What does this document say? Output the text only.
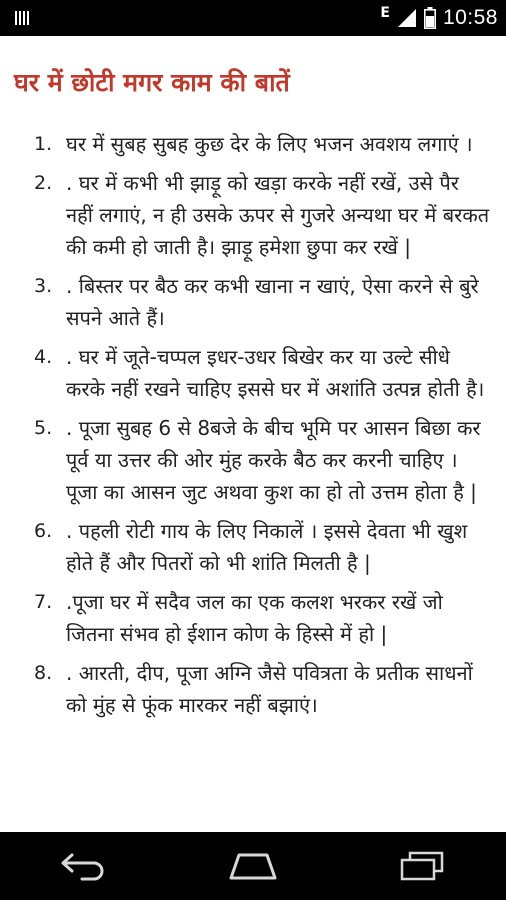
E	10:58
घर में छोटी मगर काम की बातें
1. घर में सुबह सुबह कुछ देर के लिए भजन अवशय लगाएं ।
2. . घर में कभी भी झाड़ू को खड़ा करके नहीं रखें, उसे पैर नहीं लगाएं, न ही उसके ऊपर से गुजरे अन्यथा घर में बरकत की कमी हो जाती है। झाड़ू हमेशा छुपा कर रखें |
3. . बिस्तर पर बैठ कर कभी खाना न खाएं, ऐसा करने से बुरे सपने आते हैं।
4. . घर में जूते-चप्पल इधर-उधर बिखेर कर या उल्टे सीधे करके नहीं रखने चाहिए इससे घर में अशांति उत्पन्न होती है।
5. . पूजा सुबह 6 से 8बजे के बीच भूमि पर आसन बिछा कर पूर्व या उत्तर की ओर मुंह करके बैठ कर करनी चाहिए । पूजा का आसन जुट अथवा कुश का हो तो उत्तम होता है |
6. . पहली रोटी गाय के लिए निकालें । इससे देवता भी खुश होते हैं और पितरों को भी शांति मिलती है |
7. .पूजा घर में सदैव जल का एक कलश भरकर रखें जो जितना संभव हो ईशान कोण के हिस्से में हो |
8. . आरती, दीप, पूजा अग्नि जैसे पवित्रता के प्रतीक साधनों को मुंह से फूंक मारकर नहीं बझाएं।
